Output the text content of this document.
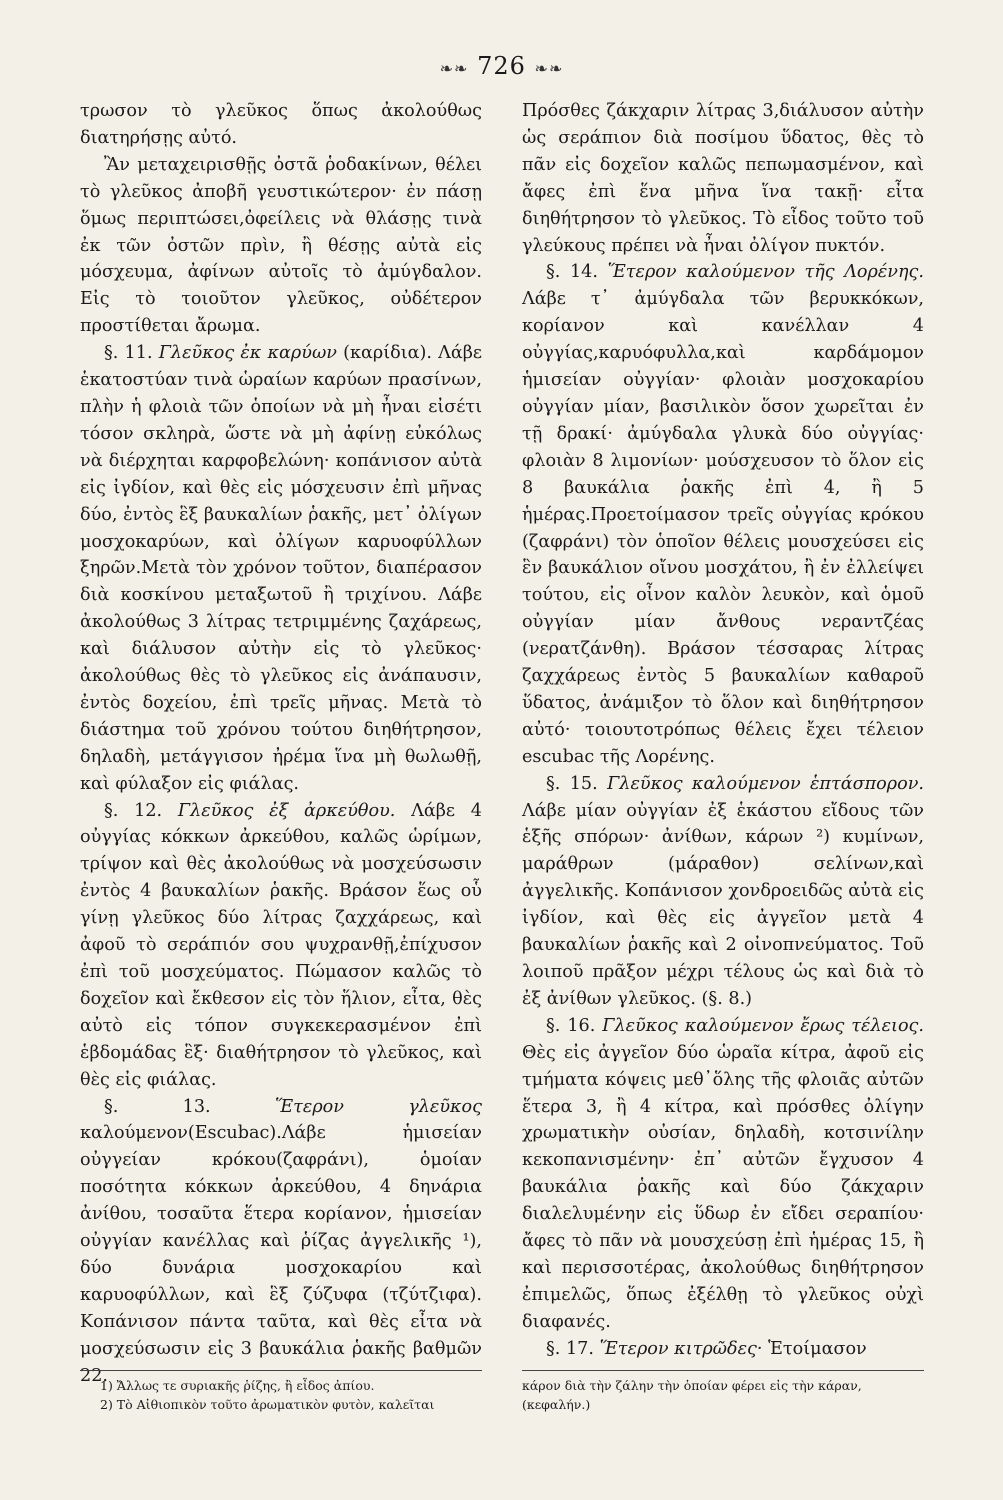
❧❧ 726 ❧❧

τρωσον τὸ γλεῦκος ὅπως ἀκολούθως διατηρήσῃς αὐτό.

Ἂν μεταχειρισθῇς ὀστᾶ ῥοδακίνων, θέλει τὸ γλεῦκος ἀποβῆ γευστικώτερον· ἐν πάσῃ ὅμως περιπτώσει,ὀφείλεις νὰ θλάσῃς τινὰ ἐκ τῶν ὀστῶν πρὶν, ἢ θέσῃς αὐτὰ εἰς μόσχευμα, ἀφίνων αὐτοῖς τὸ ἀμύγδαλον. Εἰς τὸ τοιοῦτον γλεῦκος, οὐδέτερον προστίθεται ἄρωμα.

§. 11. Γλεῦκος ἐκ καρύων (καρίδια). Λάβε ἑκατοστύαν τινὰ ὡραίων καρύων πρασίνων, πλὴν ἡ φλοιὰ τῶν ὁποίων νὰ μὴ ἦναι εἰσέτι τόσον σκληρὰ, ὥστε νὰ μὴ ἀφίνῃ εὐκόλως νὰ διέρχηται καρφοβελώνη· κοπάνισον αὐτὰ εἰς ἰγδίον, καὶ θὲς εἰς μόσχευσιν ἐπὶ μῆνας δύο, ἐντὸς ἓξ βαυκαλίων ῥακῆς, μετ᾽ ὀλίγων μοσχοκαρύων, καὶ ὀλίγων καρυοφύλλων ξηρῶν.Μετὰ τὸν χρόνον τοῦτον, διαπέρασον διὰ κοσκίνου μεταξωτοῦ ἢ τριχίνου. Λάβε ἀκολούθως 3 λίτρας τετριμμένης ζαχάρεως, καὶ διάλυσον αὐτὴν εἰς τὸ γλεῦκος· ἀκολούθως θὲς τὸ γλεῦκος εἰς ἀνάπαυσιν, ἐντὸς δοχείου, ἐπὶ τρεῖς μῆνας. Μετὰ τὸ διάστημα τοῦ χρόνου τούτου διηθήτρησον, δηλαδὴ, μετάγγισον ἠρέμα ἵνα μὴ θωλωθῇ, καὶ φύλαξον εἰς φιάλας.

§. 12. Γλεῦκος ἐξ ἀρκεύθου. Λάβε 4 οὐγγίας κόκκων ἀρκεύθου, καλῶς ὡρίμων, τρίψον καὶ θὲς ἀκολούθως νὰ μοσχεύσωσιν ἐντὸς 4 βαυκαλίων ῥακῆς. Βράσον ἕως οὗ γίνῃ γλεῦκος δύο λίτρας ζαχχάρεως, καὶ ἀφοῦ τὸ σεράπιόν σου ψυχρανθῇ,ἐπίχυσον ἐπὶ τοῦ μοσχεύματος. Πώμασον καλῶς τὸ δοχεῖον καὶ ἔκθεσον εἰς τὸν ἥλιον, εἶτα, θὲς αὐτὸ εἰς τόπον συγκεκερασμένον ἐπὶ ἑβδομάδας ἓξ· διαθήτρησον τὸ γλεῦκος, καὶ θὲς εἰς φιάλας.

§. 13.	Ἕτερον γλεῦκος καλούμενον(Escubac).Λάβε ἡμισείαν οὐγγείαν κρόκου(ζαφράνι), ὁμοίαν ποσότητα κόκκων ἀρκεύθου, 4 δηνάρια ἀνίθου, τοσαῦτα ἕτερα κορίανον, ἡμισείαν οὐγγίαν κανέλλας καὶ ῥίζας ἀγγελικῆς ¹), δύο δυνάρια μοσχοκαρίου καὶ καρυοφύλλων, καὶ ἓξ ζύζυφα (τζύτζιφα). Κοπάνισον πάντα ταῦτα, καὶ θὲς εἶτα νὰ μοσχεύσωσιν εἰς 3 βαυκάλια ῥακῆς βαθμῶν 22.

Πρόσθες ζάκχαριν λίτρας 3,διάλυσον αὐτὴν ὡς σεράπιον διὰ ποσίμου ὕδατος, θὲς τὸ πᾶν εἰς δοχεῖον καλῶς πεπωμασμένον, καὶ ἄφες ἐπὶ ἕνα μῆνα ἵνα τακῇ· εἶτα διηθήτρησον τὸ γλεῦκος. Τὸ εἶδος τοῦτο τοῦ γλεύκους πρέπει νὰ ἦναι ὀλίγον πυκτόν.

§. 14. Ἕτερον καλούμενον τῆς Λορένης. Λάβε τ᾽ ἀμύγδαλα τῶν βερυκκόκων, κορίανον καὶ κανέλλαν 4 οὐγγίας,καρυόφυλλα,καὶ καρδάμομον ἡμισείαν οὐγγίαν· φλοιὰν μοσχοκαρίου οὐγγίαν μίαν, βασιλικὸν ὅσον χωρεῖται ἐν τῇ δρακί· ἀμύγδαλα γλυκὰ δύο οὐγγίας· φλοιὰν 8 λιμονίων· μούσχευσον τὸ ὅλον εἰς 8 βαυκάλια ῥακῆς ἐπὶ 4, ἢ 5 ἡμέρας.Προετοίμασον τρεῖς οὐγγίας κρόκου (ζαφράνι) τὸν ὁποῖον θέλεις μουσχεύσει εἰς ἓν βαυκάλιον οἴνου μοσχάτου, ἢ ἐν ἐλλείψει τούτου, εἰς οἶνον καλὸν λευκὸν, καὶ ὁμοῦ οὐγγίαν μίαν ἄνθους νεραντζέας (νερατζάνθη). Βράσον τέσσαρας λίτρας ζαχχάρεως ἐντὸς 5 βαυκαλίων καθαροῦ ὕδατος, ἀνάμιξον τὸ ὅλον καὶ διηθήτρησον αὐτό· τοιουτοτρόπως θέλεις ἔχει τέλειον escubac τῆς Λορένης.

§. 15. Γλεῦκος καλούμενον ἑπτάσπορον. Λάβε μίαν οὐγγίαν ἐξ ἑκάστου εἴδους τῶν ἑξῆς σπόρων· ἀνίθων, κάρων ²) κυμίνων, μαράθρων (μάραθον) σελίνων,καὶ ἀγγελικῆς. Κοπάνισον χονδροειδῶς αὐτὰ εἰς ἰγδίον, καὶ θὲς εἰς ἀγγεῖον μετὰ 4 βαυκαλίων ῥακῆς καὶ 2 οἰνοπνεύματος. Τοῦ λοιποῦ πρᾶξον μέχρι τέλους ὡς καὶ διὰ τὸ ἐξ ἀνίθων γλεῦκος. (§. 8.)

§. 16. Γλεῦκος καλούμενον ἔρως τέλειος. Θὲς εἰς ἀγγεῖον δύο ὡραῖα κίτρα, ἀφοῦ εἰς τμήματα κόψεις μεθ᾽ὅλης τῆς φλοιᾶς αὐτῶν ἕτερα 3, ἢ 4 κίτρα, καὶ πρόσθες ὀλίγην χρωματικὴν οὐσίαν, δηλαδὴ, κοτσινίλην κεκοπανισμένην· ἐπ᾽ αὐτῶν ἔγχυσον 4 βαυκάλια ῥακῆς καὶ δύο ζάκχαριν διαλελυμένην εἰς ὕδωρ ἐν εἴδει σεραπίου· ἄφες τὸ πᾶν νὰ μουσχεύσῃ ἐπὶ ἡμέρας 15, ἢ καὶ περισσοτέρας, ἀκολούθως διηθήτρησον ἐπιμελῶς, ὅπως ἐξέλθῃ τὸ γλεῦκος οὐχὶ διαφανές.

§. 17. Ἕτερον κιτρῶδες· Ἑτοίμασον

1) Ἄλλως τε συριακῆς ῥίζης, ἢ εἶδος ἀπίου.

2) Τὸ Αἰθιοπικὸν τοῦτο ἀρωματικὸν φυτὸν, καλεῖται

κάρον διὰ τὴν ζάλην τὴν ὁποίαν φέρει εἰς τὴν κάραν, (κεφαλήν.)
